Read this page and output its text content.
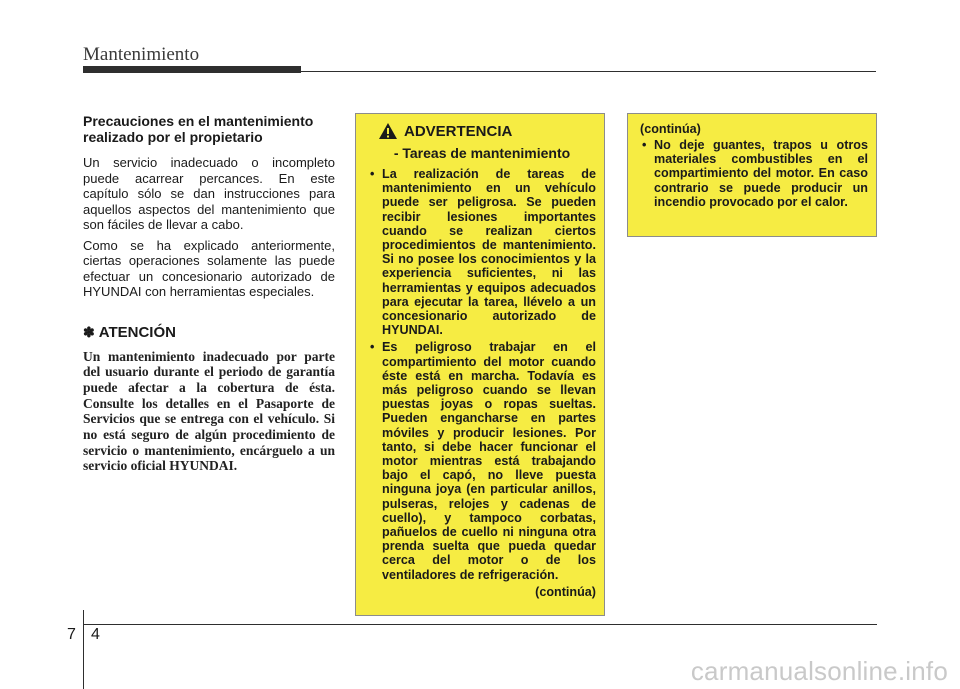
Mantenimiento
Precauciones en el mantenimiento realizado por el propietario

Un servicio inadecuado o incompleto puede acarrear percances. En este capítulo sólo se dan instrucciones para aquellos aspectos del mantenimiento que son fáciles de llevar a cabo.

Como se ha explicado anteriormente, ciertas operaciones solamente las puede efectuar un concesionario autorizado de HYUNDAI con herramientas especiales.

✽ ATENCIÓN

Un mantenimiento inadecuado por parte del usuario durante el periodo de garantía puede afectar a la cobertura de ésta. Consulte los detalles en el Pasaporte de Servicios que se entrega con el vehículo. Si no está seguro de algún procedimiento de servicio o mantenimiento, encárguelo a un servicio oficial HYUNDAI.

ADVERTENCIA
- Tareas de mantenimiento
• La realización de tareas de mantenimiento en un vehículo puede ser peligrosa. Se pueden recibir lesiones importantes cuando se realizan ciertos procedimientos de mantenimiento. Si no posee los conocimientos y la experiencia suficientes, ni las herramientas y equipos adecuados para ejecutar la tarea, llévelo a un concesionario autorizado de HYUNDAI.
• Es peligroso trabajar en el compartimiento del motor cuando éste está en marcha. Todavía es más peligroso cuando se llevan puestas joyas o ropas sueltas. Pueden engancharse en partes móviles y producir lesiones. Por tanto, si debe hacer funcionar el motor mientras está trabajando bajo el capó, no lleve puesta ninguna joya (en particular anillos, pulseras, relojes y cadenas de cuello), y tampoco corbatas, pañuelos de cuello ni ninguna otra prenda suelta que pueda quedar cerca del motor o de los ventiladores de refrigeración.
(continúa)
(continúa)
• No deje guantes, trapos u otros materiales combustibles en el compartimiento del motor. En caso contrario se puede producir un incendio provocado por el calor.
7 4
carmanualsonline.info
